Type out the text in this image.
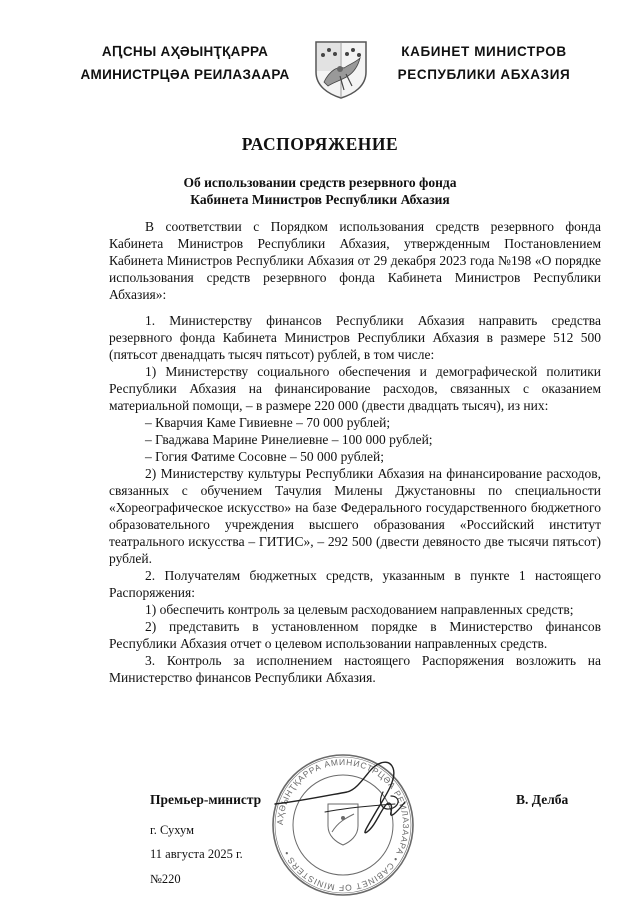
АԤСНЫ АҲӘЫНҬҚАРРА
АМИНИСТРЦӘА РЕИЛАЗААРА
КАБИНЕТ МИНИСТРОВ
РЕСПУБЛИКИ АБХАЗИЯ
РАСПОРЯЖЕНИЕ
Об использовании средств резервного фонда
Кабинета Министров Республики Абхазия

В соответствии с Порядком использования средств резервного фонда Кабинета Министров Республики Абхазия, утвержденным Постановлением Кабинета Министров Республики Абхазия от 29 декабря 2023 года №198 «О порядке использования средств резервного фонда Кабинета Министров Республики Абхазия»:

1. Министерству финансов Республики Абхазия направить средства резервного фонда Кабинета Министров Республики Абхазия в размере 512 500 (пятьсот двенадцать тысяч пятьсот) рублей, в том числе:

1) Министерству социального обеспечения и демографической политики Республики Абхазия на финансирование расходов, связанных с оказанием материальной помощи, – в размере 220 000 (двести двадцать тысяч), из них:

– Кварчия Каме Гивиевне – 70 000 рублей;

– Гваджава Марине Ринелиевне – 100 000 рублей;

– Гогия Фатиме Сосовне – 50 000 рублей;

2) Министерству культуры Республики Абхазия на финансирование расходов, связанных с обучением Тачулия Милены Джустановны по специальности «Хореографическое искусство» на базе Федерального государственного бюджетного образовательного учреждения высшего образования «Российский институт театрального искусства – ГИТИС», – 292 500 (двести девяносто две тысячи пятьсот) рублей.

2. Получателям бюджетных средств, указанным в пункте 1 настоящего Распоряжения:

1) обеспечить контроль за целевым расходованием направленных средств;

2) представить в установленном порядке в Министерство финансов Республики Абхазия отчет о целевом использовании направленных средств.

3. Контроль за исполнением настоящего Распоряжения возложить на Министерство финансов Республики Абхазия.

АҲӘЫНҬҚАРРА АМИНИСТРЦӘА РЕИЛАЗААРА • CABINET OF MINISTERS •
Премьер-министр	В. Делба
г. Сухум
11 августа 2025 г.
№220
